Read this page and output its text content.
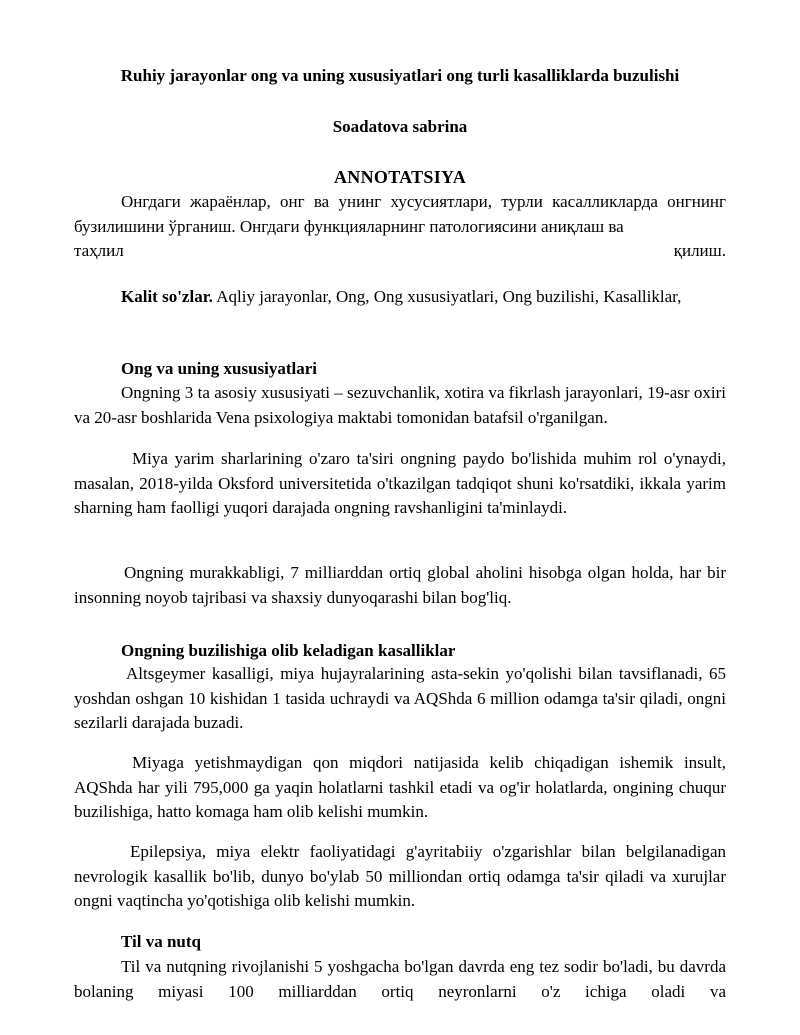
Ruhiy jarayonlar ong va uning xususiyatlari ong turli kasalliklarda buzulishi
Soadatova sabrina
ANNOTATSIYA
Онгдаги жараёнлар, онг ва унинг хусусиятлари, турли касалликларда онгнинг бузилишини ўрганиш. Онгдаги функцияларнинг патологиясини аниқлаш ва
таҳлил	қилиш.
Kalit so'zlar. Aqliy jarayonlar, Ong, Ong xususiyatlari, Ong buzilishi, Kasalliklar,
Ong va uning xususiyatlari
Ongning 3 ta asosiy xususiyati – sezuvchanlik, xotira va fikrlash jarayonlari, 19-asr oxiri va 20-asr boshlarida Vena psixologiya maktabi tomonidan batafsil o'rganilgan.
Miya yarim sharlarining o'zaro ta'siri ongning paydo bo'lishida muhim rol o'ynaydi, masalan, 2018-yilda Oksford universitetida o'tkazilgan tadqiqot shuni ko'rsatdiki, ikkala yarim sharning ham faolligi yuqori darajada ongning ravshanligini ta'minlaydi.
Ongning murakkabligi, 7 milliarddan ortiq global aholini hisobga olgan holda, har bir insonning noyob tajribasi va shaxsiy dunyoqarashi bilan bog'liq.
Ongning buzilishiga olib keladigan kasalliklar
Altsgeymer kasalligi, miya hujayralarining asta-sekin yo'qolishi bilan tavsiflanadi, 65 yoshdan oshgan 10 kishidan 1 tasida uchraydi va AQShda 6 million odamga ta'sir qiladi, ongni sezilarli darajada buzadi.
Miyaga yetishmaydigan qon miqdori natijasida kelib chiqadigan ishemik insult, AQShda har yili 795,000 ga yaqin holatlarni tashkil etadi va og'ir holatlarda, ongining chuqur buzilishiga, hatto komaga ham olib kelishi mumkin.
Epilepsiya, miya elektr faoliyatidagi g'ayritabiiy o'zgarishlar bilan belgilanadigan nevrologik kasallik bo'lib, dunyo bo'ylab 50 milliondan ortiq odamga ta'sir qiladi va xurujlar ongni vaqtincha yo'qotishiga olib kelishi mumkin.
Til va nutq
Til va nutqning rivojlanishi 5 yoshgacha bo'lgan davrda eng tez sodir bo'ladi, bu davrda bolaning miyasi 100 milliarddan ortiq neyronlarni o'z ichiga oladi va
